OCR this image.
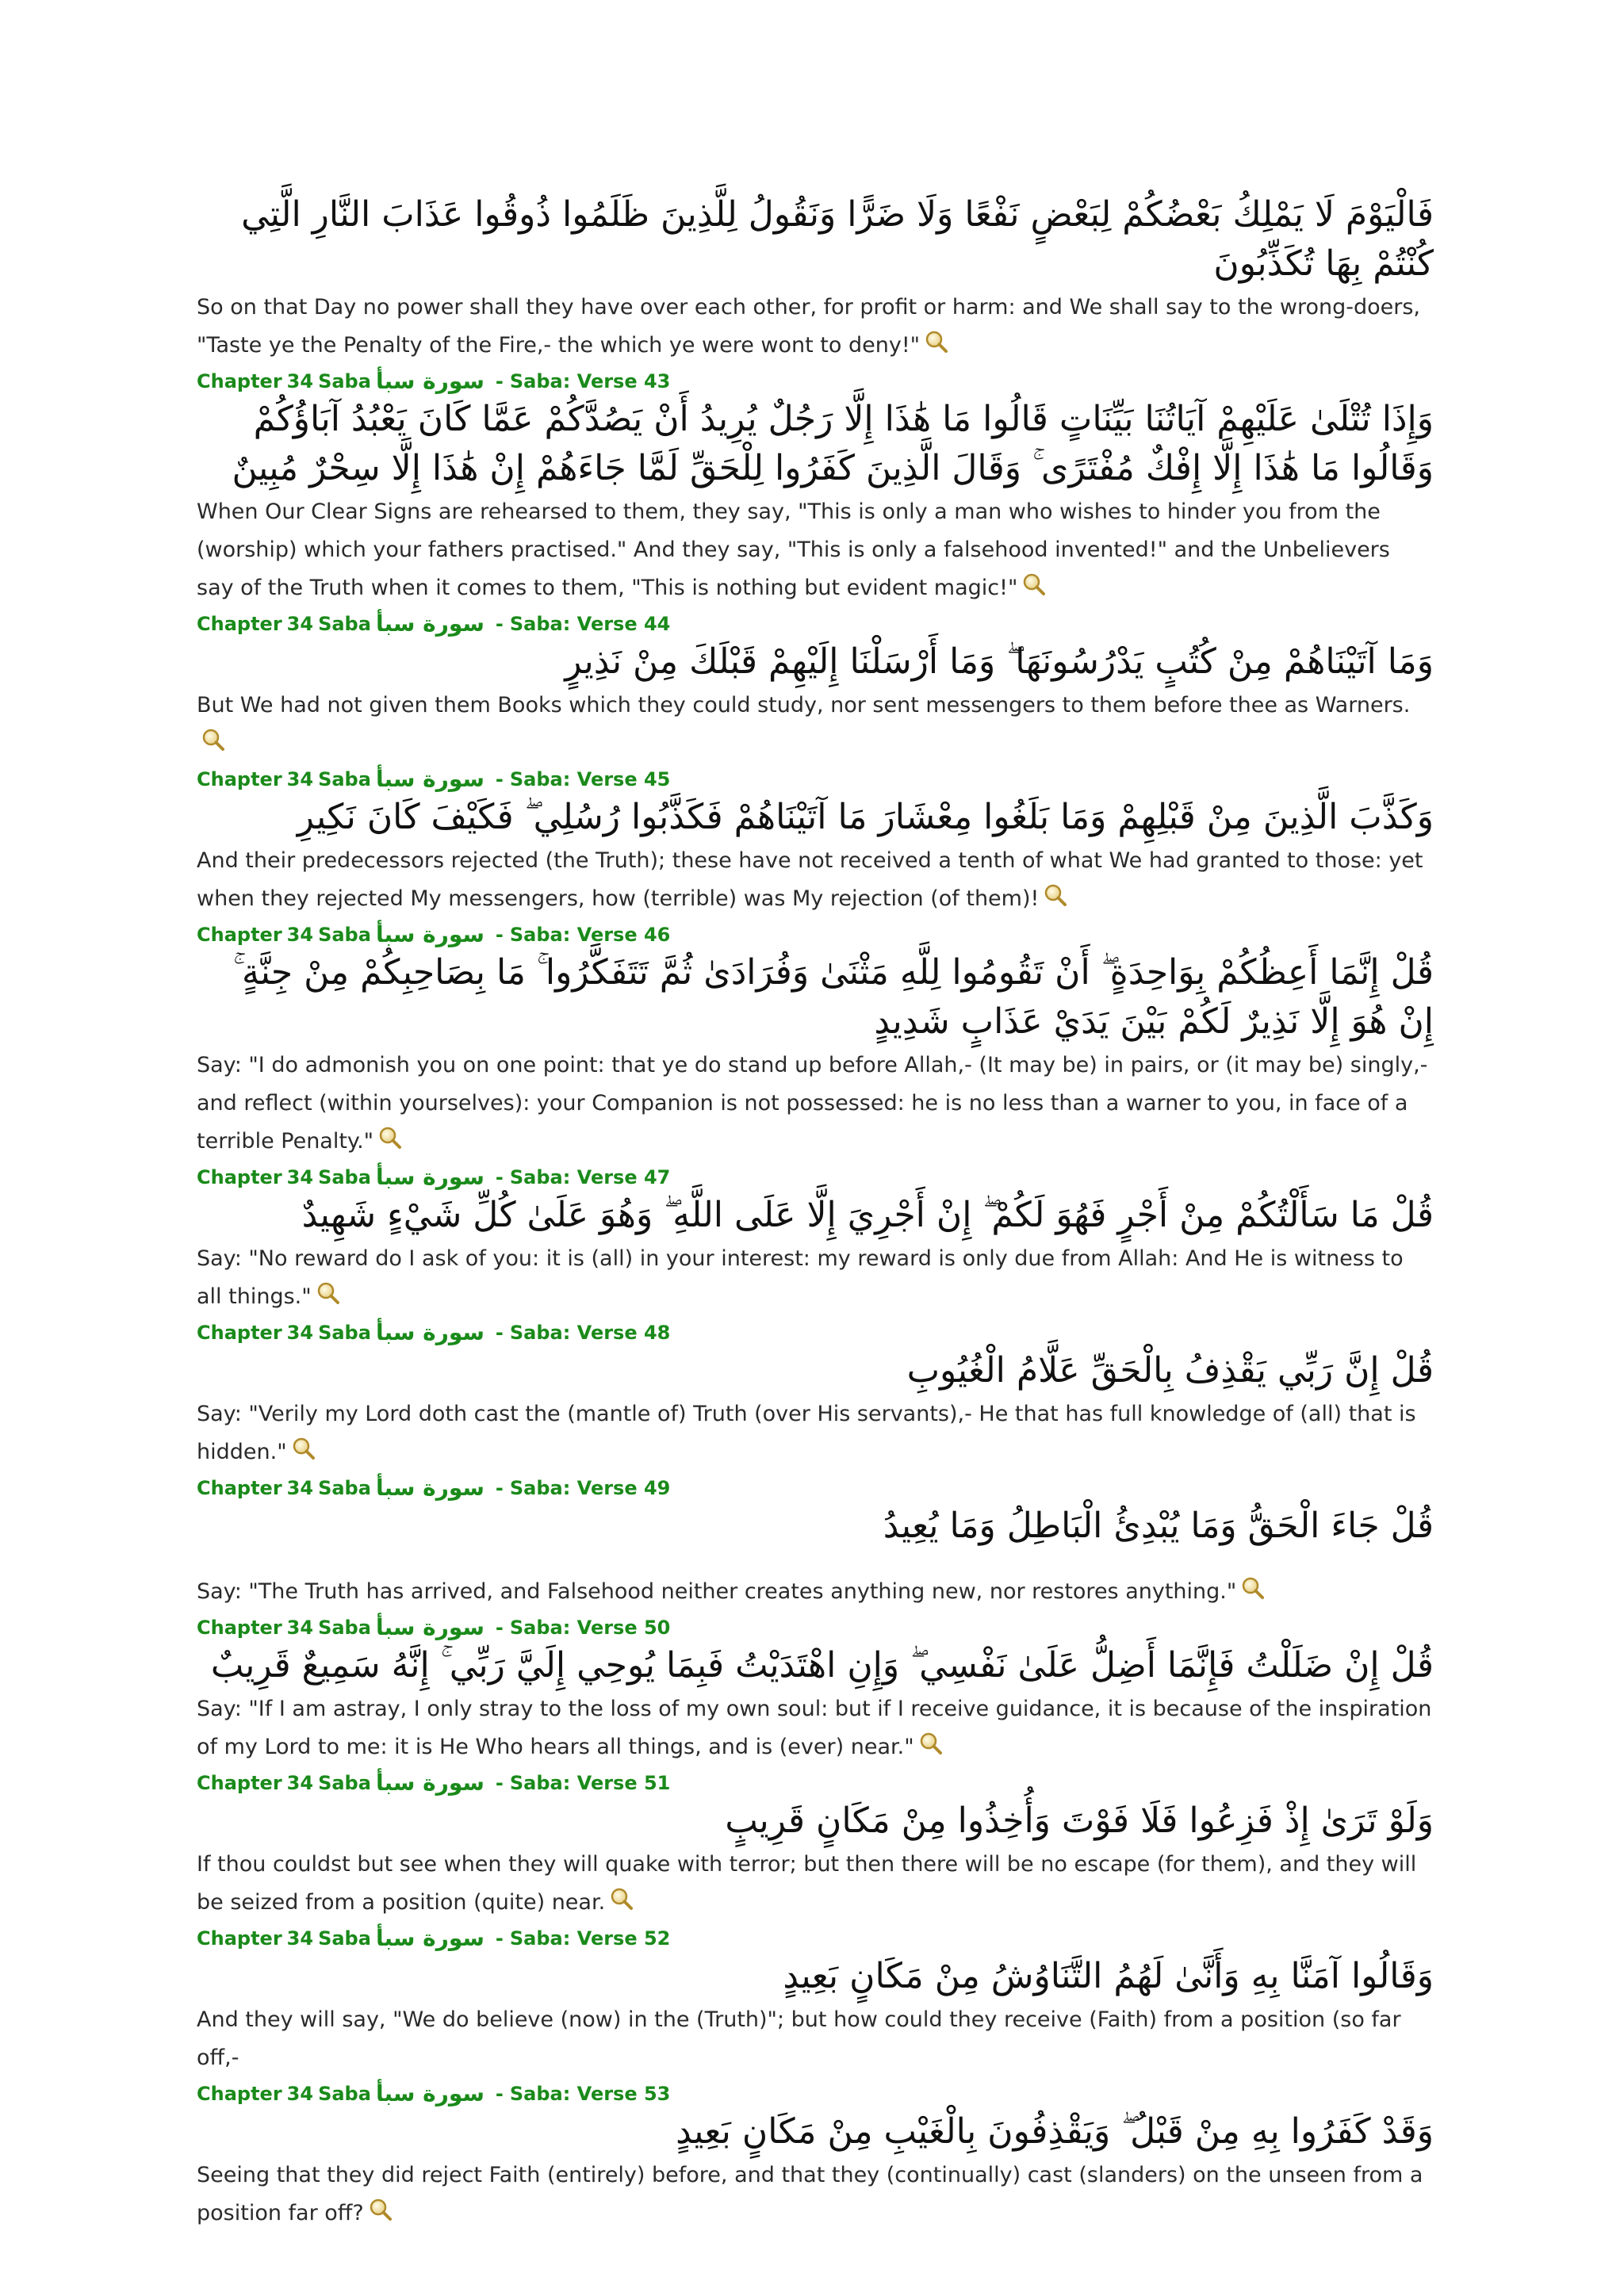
فَالْيَوْمَ لَا يَمْلِكُ بَعْضُكُمْ لِبَعْضٍ نَفْعًا وَلَا ضَرًّا وَنَقُولُ لِلَّذِينَ ظَلَمُوا ذُوقُوا عَذَابَ النَّارِ الَّتِي كُنْتُمْ بِهَا تُكَذِّبُونَ
So on that Day no power shall they have over each other, for profit or harm: and We shall say to the wrong-doers, "Taste ye the Penalty of the Fire,- the which ye were wont to deny!"
Chapter 34 Saba سورة سبأ - Saba: Verse 43
وَإِذَا تُتْلَىٰ عَلَيْهِمْ آيَاتُنَا بَيِّنَاتٍ قَالُوا مَا هَٰذَا إِلَّا رَجُلٌ يُرِيدُ أَنْ يَصُدَّكُمْ عَمَّا كَانَ يَعْبُدُ آبَاؤُكُمْ وَقَالُوا مَا هَٰذَا إِلَّا إِفْكٌ مُفْتَرًى ۚ وَقَالَ الَّذِينَ كَفَرُوا لِلْحَقِّ لَمَّا جَاءَهُمْ إِنْ هَٰذَا إِلَّا سِحْرٌ مُبِينٌ
When Our Clear Signs are rehearsed to them, they say, "This is only a man who wishes to hinder you from the (worship) which your fathers practised." And they say, "This is only a falsehood invented!" and the Unbelievers say of the Truth when it comes to them, "This is nothing but evident magic!"
Chapter 34 Saba سورة سبأ - Saba: Verse 44
وَمَا آتَيْنَاهُمْ مِنْ كُتُبٍ يَدْرُسُونَهَا ۖ وَمَا أَرْسَلْنَا إِلَيْهِمْ قَبْلَكَ مِنْ نَذِيرٍ
But We had not given them Books which they could study, nor sent messengers to them before thee as Warners.
Chapter 34 Saba سورة سبأ - Saba: Verse 45
وَكَذَّبَ الَّذِينَ مِنْ قَبْلِهِمْ وَمَا بَلَغُوا مِعْشَارَ مَا آتَيْنَاهُمْ فَكَذَّبُوا رُسُلِي ۖ فَكَيْفَ كَانَ نَكِيرِ
And their predecessors rejected (the Truth); these have not received a tenth of what We had granted to those: yet when they rejected My messengers, how (terrible) was My rejection (of them)!
Chapter 34 Saba سورة سبأ - Saba: Verse 46
قُلْ إِنَّمَا أَعِظُكُمْ بِوَاحِدَةٍ ۖ أَنْ تَقُومُوا لِلَّهِ مَثْنَىٰ وَفُرَادَىٰ ثُمَّ تَتَفَكَّرُوا ۚ مَا بِصَاحِبِكُمْ مِنْ جِنَّةٍ ۚ إِنْ هُوَ إِلَّا نَذِيرٌ لَكُمْ بَيْنَ يَدَيْ عَذَابٍ شَدِيدٍ
Say: "I do admonish you on one point: that ye do stand up before Allah,- (It may be) in pairs, or (it may be) singly,- and reflect (within yourselves): your Companion is not possessed: he is no less than a warner to you, in face of a terrible Penalty."
Chapter 34 Saba سورة سبأ - Saba: Verse 47
قُلْ مَا سَأَلْتُكُمْ مِنْ أَجْرٍ فَهُوَ لَكُمْ ۖ إِنْ أَجْرِيَ إِلَّا عَلَى اللَّهِ ۖ وَهُوَ عَلَىٰ كُلِّ شَيْءٍ شَهِيدٌ
Say: "No reward do I ask of you: it is (all) in your interest: my reward is only due from Allah: And He is witness to all things."
Chapter 34 Saba سورة سبأ - Saba: Verse 48
قُلْ إِنَّ رَبِّي يَقْذِفُ بِالْحَقِّ عَلَّامُ الْغُيُوبِ
Say: "Verily my Lord doth cast the (mantle of) Truth (over His servants),- He that has full knowledge of (all) that is hidden."
Chapter 34 Saba سورة سبأ - Saba: Verse 49
قُلْ جَاءَ الْحَقُّ وَمَا يُبْدِئُ الْبَاطِلُ وَمَا يُعِيدُ
Say: "The Truth has arrived, and Falsehood neither creates anything new, nor restores anything."
Chapter 34 Saba سورة سبأ - Saba: Verse 50
قُلْ إِنْ ضَلَلْتُ فَإِنَّمَا أَضِلُّ عَلَىٰ نَفْسِي ۖ وَإِنِ اهْتَدَيْتُ فَبِمَا يُوحِي إِلَيَّ رَبِّي ۚ إِنَّهُ سَمِيعٌ قَرِيبٌ
Say: "If I am astray, I only stray to the loss of my own soul: but if I receive guidance, it is because of the inspiration of my Lord to me: it is He Who hears all things, and is (ever) near."
Chapter 34 Saba سورة سبأ - Saba: Verse 51
وَلَوْ تَرَىٰ إِذْ فَزِعُوا فَلَا فَوْتَ وَأُخِذُوا مِنْ مَكَانٍ قَرِيبٍ
If thou couldst but see when they will quake with terror; but then there will be no escape (for them), and they will be seized from a position (quite) near.
Chapter 34 Saba سورة سبأ - Saba: Verse 52
وَقَالُوا آمَنَّا بِهِ وَأَنَّىٰ لَهُمُ التَّنَاوُشُ مِنْ مَكَانٍ بَعِيدٍ
And they will say, "We do believe (now) in the (Truth)"; but how could they receive (Faith) from a position (so far off,-
Chapter 34 Saba سورة سبأ - Saba: Verse 53
وَقَدْ كَفَرُوا بِهِ مِنْ قَبْلُ ۖ وَيَقْذِفُونَ بِالْغَيْبِ مِنْ مَكَانٍ بَعِيدٍ
Seeing that they did reject Faith (entirely) before, and that they (continually) cast (slanders) on the unseen from a position far off?
